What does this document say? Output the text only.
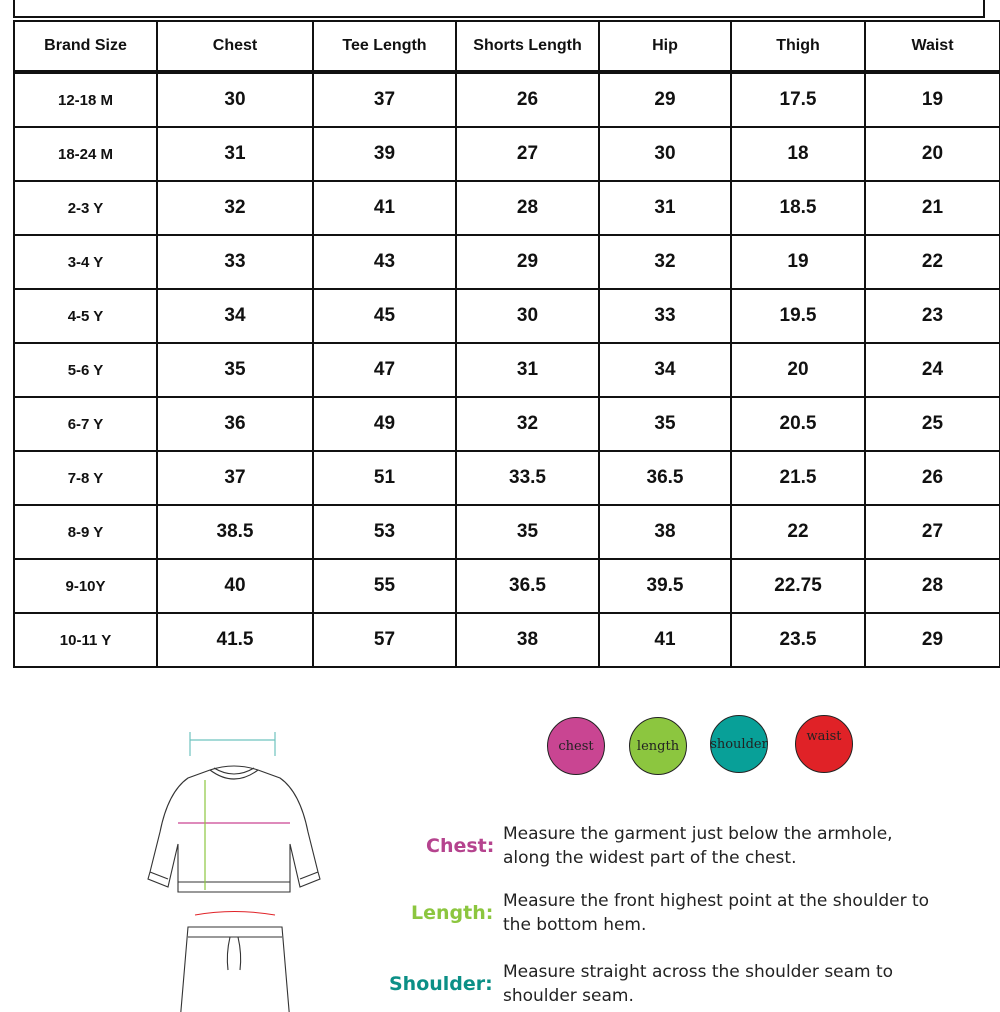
Brand Size	Chest	Tee Length	Shorts Length	Hip	Thigh	Waist
12-18 M	30	37	26	29	17.5	19
18-24 M	31	39	27	30	18	20
2-3 Y	32	41	28	31	18.5	21
3-4 Y	33	43	29	32	19	22
4-5 Y	34	45	30	33	19.5	23
5-6 Y	35	47	31	34	20	24
6-7 Y	36	49	32	35	20.5	25
7-8 Y	37	51	33.5	36.5	21.5	26
8-9 Y	38.5	53	35	38	22	27
9-10Y	40	55	36.5	39.5	22.75	28
10-11 Y	41.5	57	38	41	23.5	29
chest	length	shoulder	waist
Chest:
Measure the garment just below the armhole, along the widest part of the chest.
Length:
Measure the front highest point at the shoulder to the bottom hem.
Shoulder:
Measure straight across the shoulder seam to shoulder seam.
